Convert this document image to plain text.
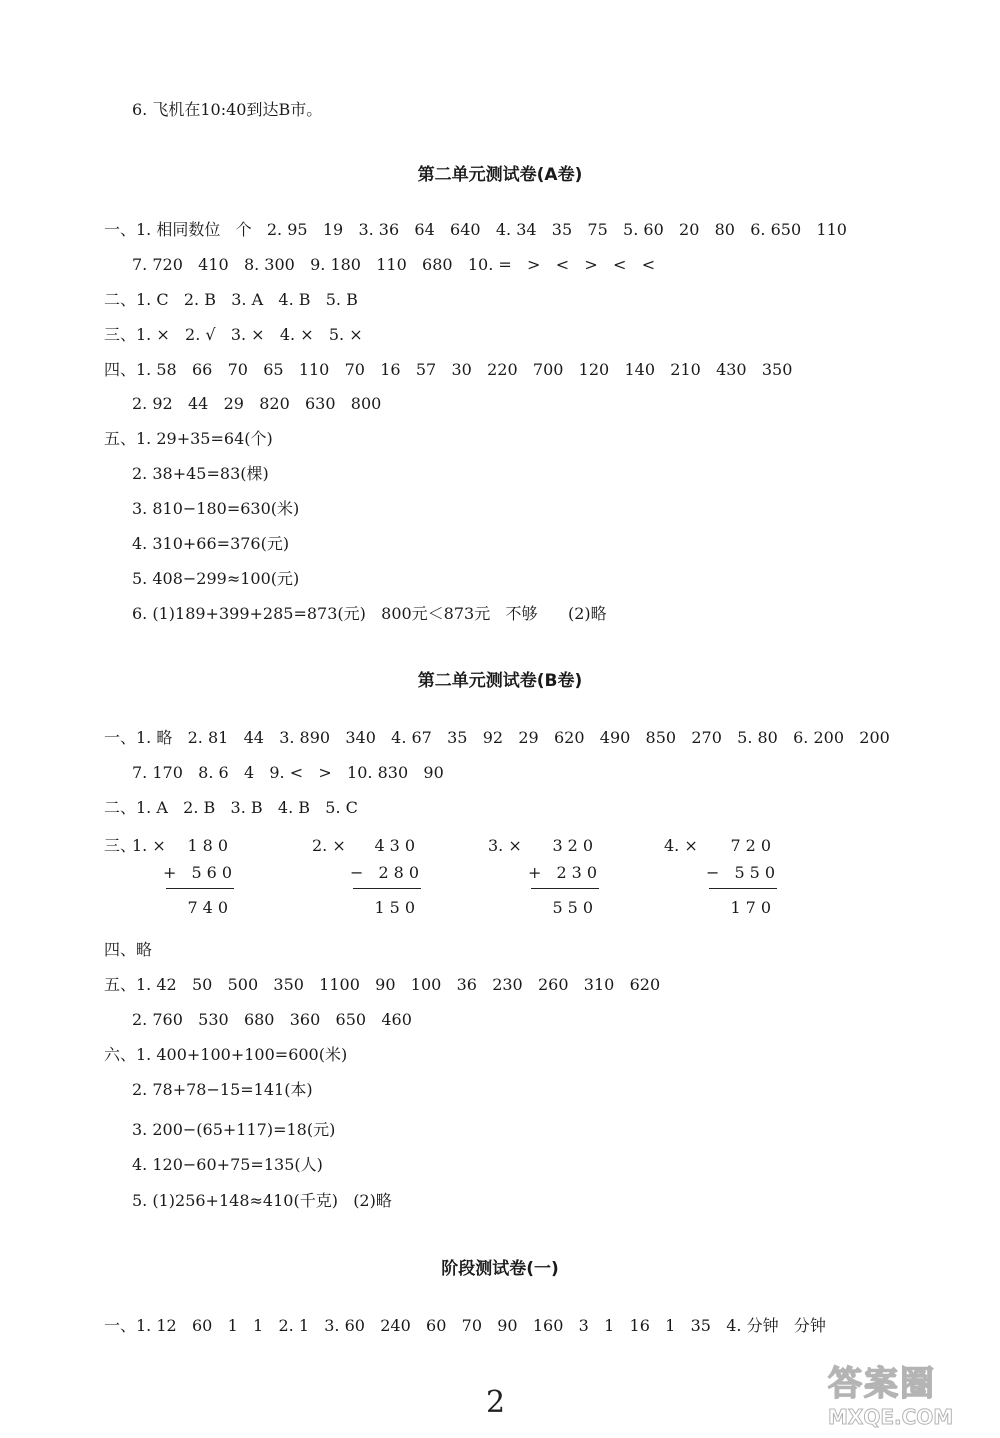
6. 飞机在10:40到达B市。
第二单元测试卷(A卷)
一、1. 相同数位   个   2. 95   19   3. 36   64   640   4. 34   35   75   5. 60   20   80   6. 650   110
7. 720   410   8. 300   9. 180   110   680   10. =   >   <   >   <   <
二、1. C   2. B   3. A   4. B   5. B
三、1. ×   2. √   3. ×   4. ×   5. ×
四、1. 58   66   70   65   110   70   16   57   30   220   700   120   140   210   430   350
2. 92   44   29   820   630   800
五、1. 29+35=64(个)
2. 38+45=83(棵)
3. 810−180=630(米)
4. 310+66=376(元)
5. 408−299≈100(元)
6. (1)189+399+285=873(元)   800元＜873元   不够      (2)略
第二单元测试卷(B卷)
一、1. 略   2. 81   44   3. 890   340   4. 67   35   92   29   620   490   850   270   5. 80   6. 200   200
7. 170   8. 6   4   9. <   >   10. 830   90
二、1. A   2. B   3. B   4. B   5. C
三、
1. ×	180
+ 560
740
2. ×	430
− 280
150
3. ×	320
+ 230
550
4. ×	720
− 550
170
四、略
五、1. 42   50   500   350   1100   90   100   36   230   260   310   620
2. 760   530   680   360   650   460
六、1. 400+100+100=600(米)
2. 78+78−15=141(本)
3. 200−(65+117)=18(元)
4. 120−60+75=135(人)
5. (1)256+148≈410(千克)   (2)略
阶段测试卷(一)
一、1. 12   60   1   1   2. 1   3. 60   240   60   70   90   160   3   1   16   1   35   4. 分钟   分钟
2	答案圈
MXQE.COM
